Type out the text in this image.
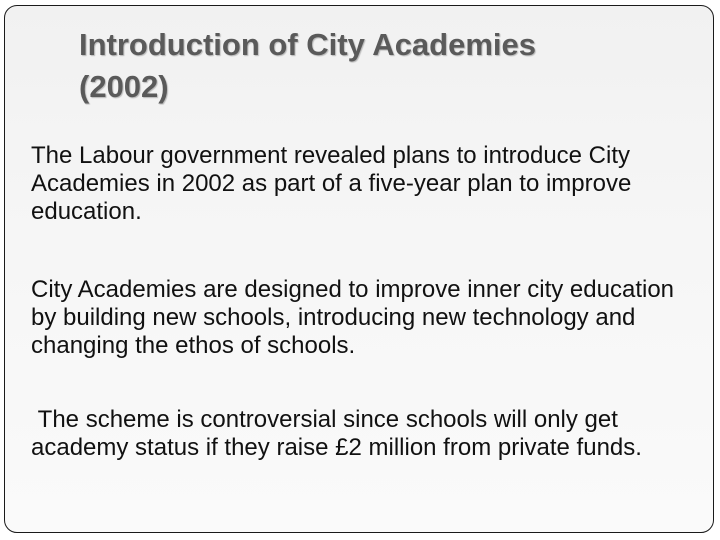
Introduction of City Academies
(2002)

The Labour government revealed plans to introduce City Academies in 2002 as part of a five-year plan to improve education.

City Academies are designed to improve inner city education by building new schools, introducing new technology and changing the ethos of schools.

The scheme is controversial since schools will only get academy status if they raise £2 million from private funds.
